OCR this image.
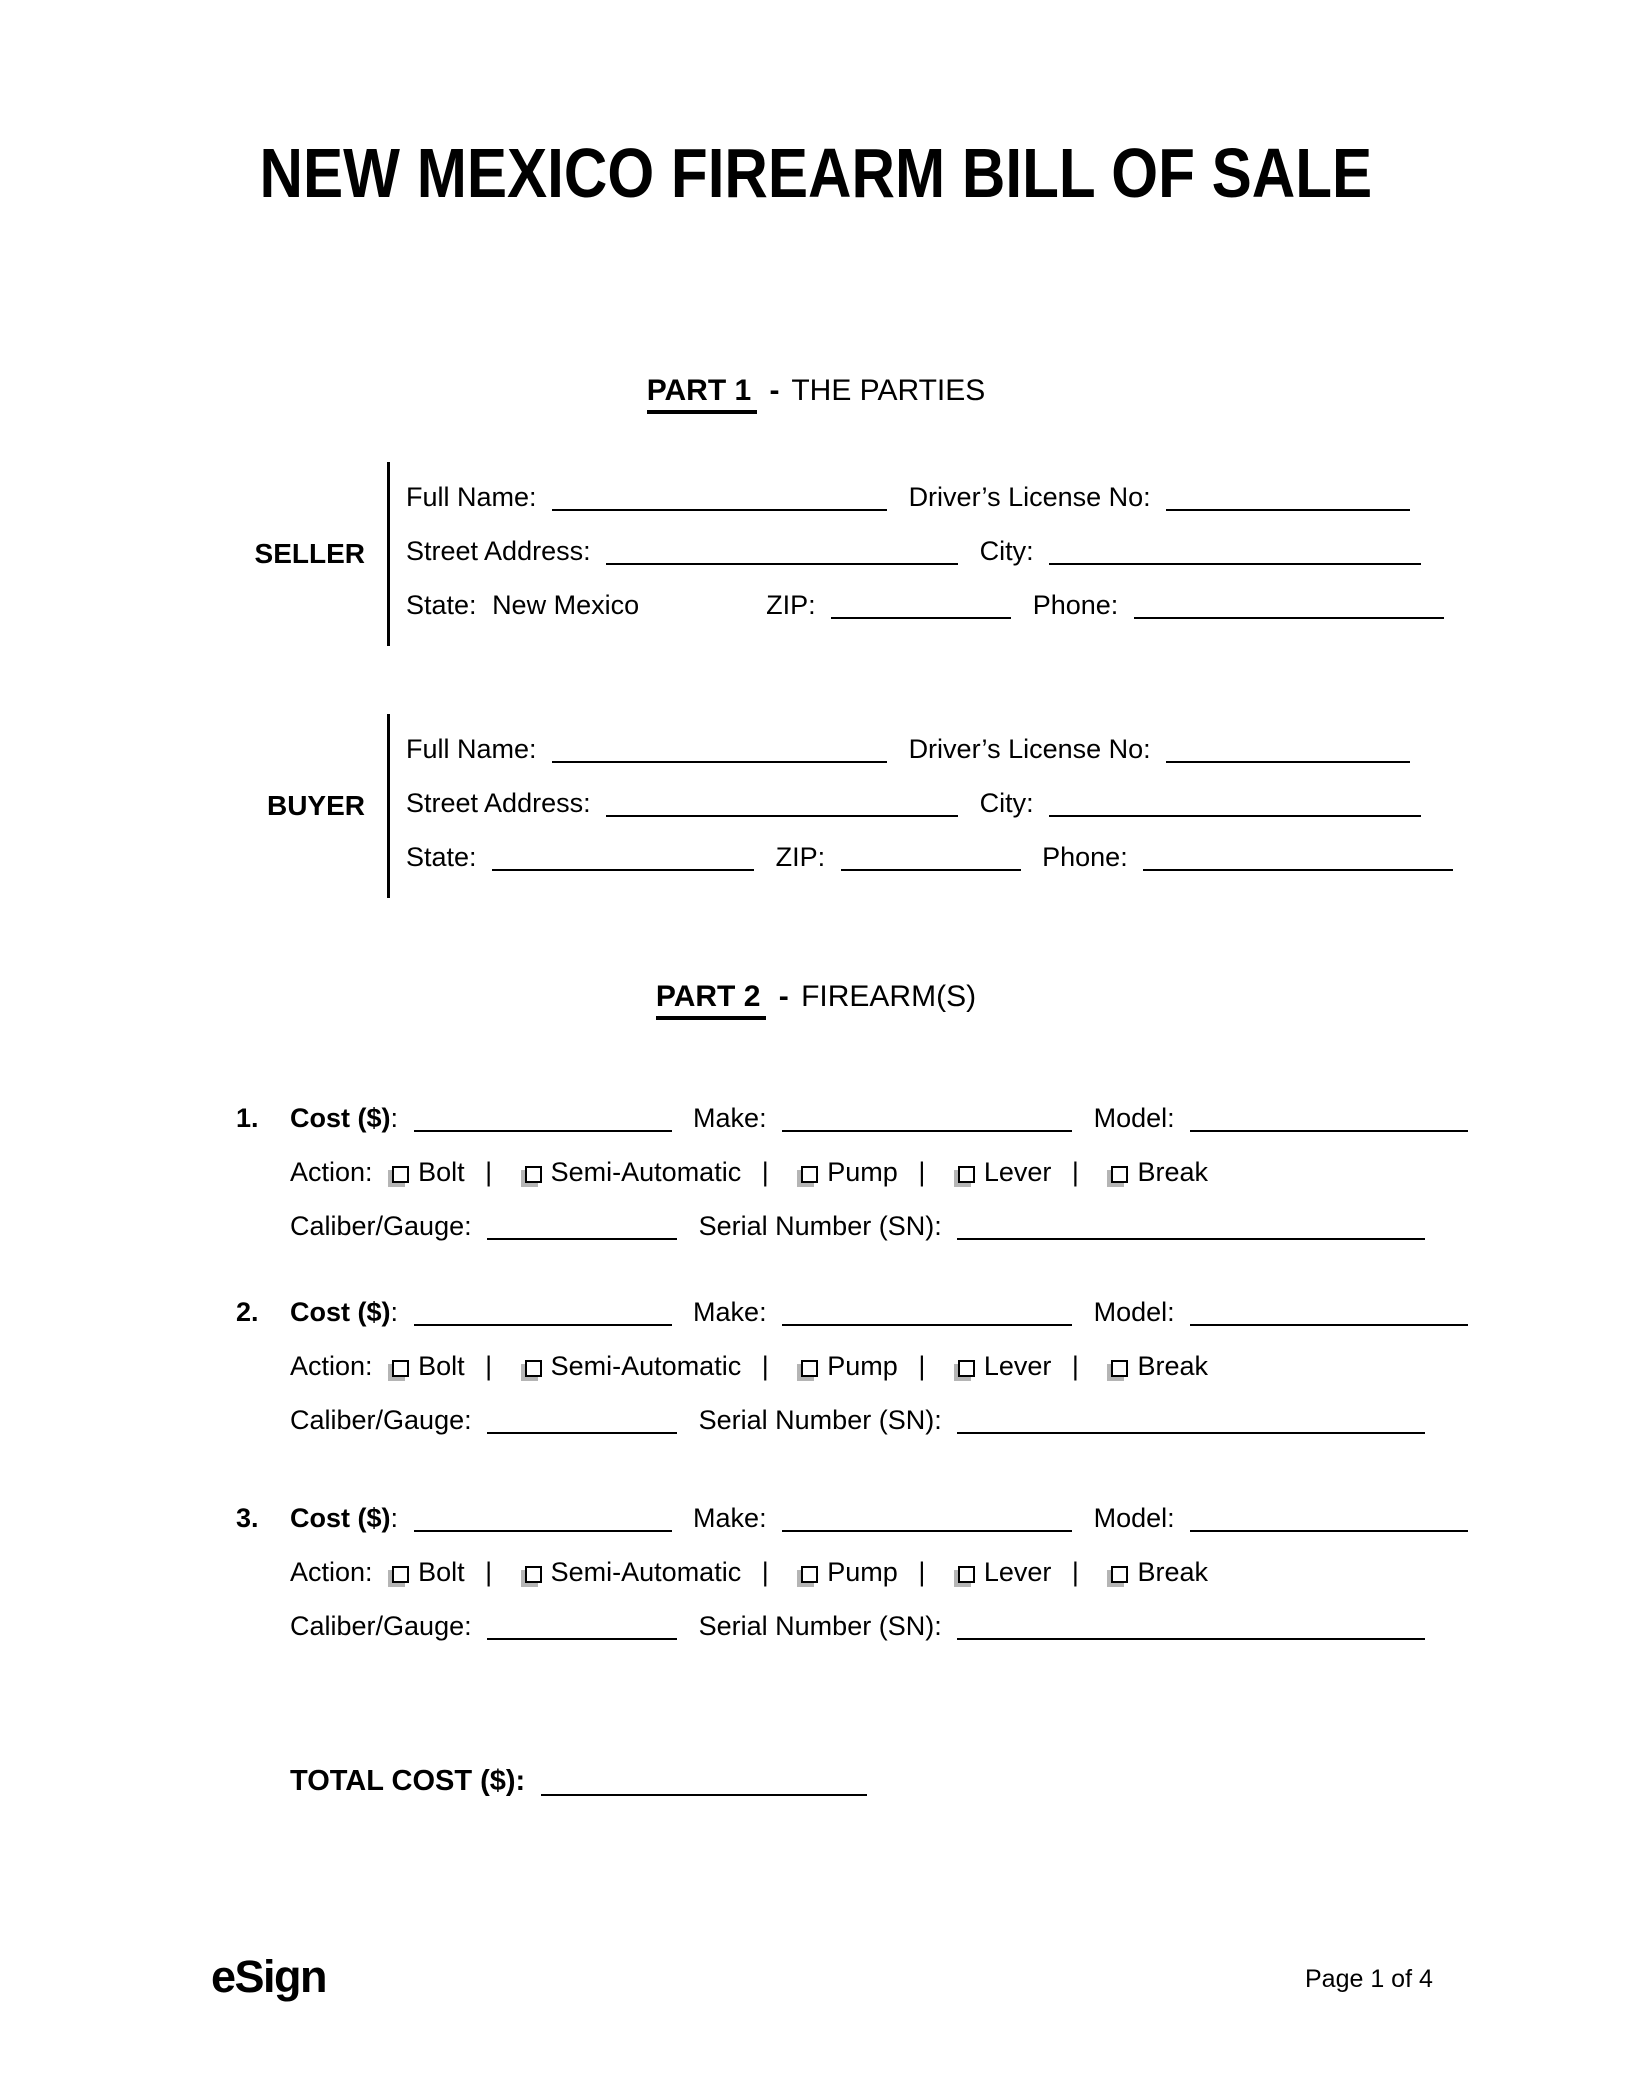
NEW MEXICO FIREARM BILL OF SALE
PART 1 - THE PARTIES
SELLER
Full Name:	Driver’s License No:
Street Address:	City:
State: New Mexico	ZIP:	Phone:
BUYER
Full Name:	Driver’s License No:
Street Address:	City:
State:	ZIP:	Phone:
PART 2 - FIREARM(S)
1.	Cost ($):	Make:	Model:
Action: Bolt | Semi-Automatic | Pump | Lever | Break
Caliber/Gauge:	Serial Number (SN):
2.	Cost ($):	Make:	Model:
Action: Bolt | Semi-Automatic | Pump | Lever | Break
Caliber/Gauge:	Serial Number (SN):
3.	Cost ($):	Make:	Model:
Action: Bolt | Semi-Automatic | Pump | Lever | Break
Caliber/Gauge:	Serial Number (SN):
TOTAL COST ($):
eSign	Page 1 of 4
